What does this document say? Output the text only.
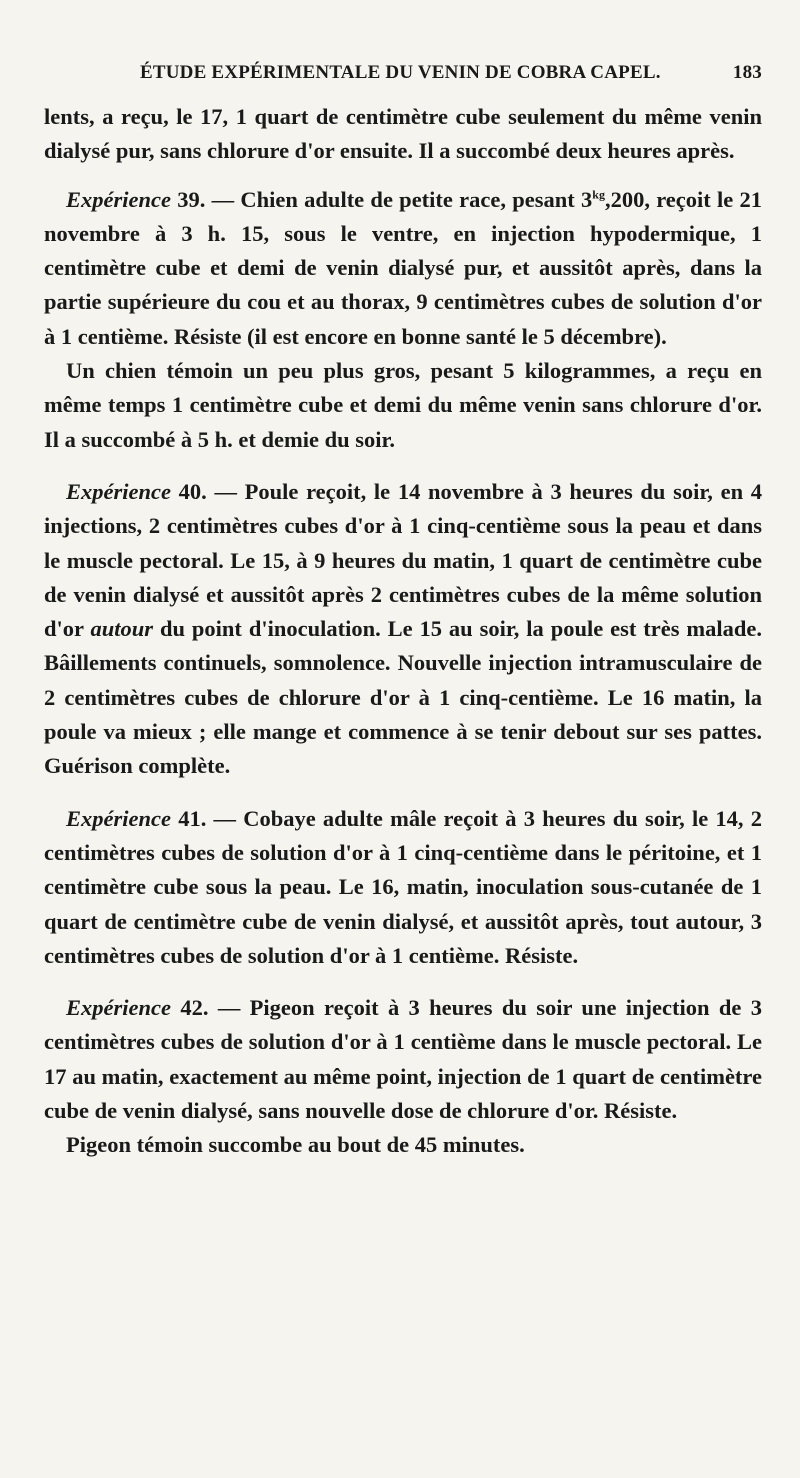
ÉTUDE EXPÉRIMENTALE DU VENIN DE COBRA CAPEL.	183

lents, a reçu, le 17, 1 quart de centimètre cube seulement du même venin dialysé pur, sans chlorure d'or ensuite. Il a succombé deux heures après.

Expérience 39. — Chien adulte de petite race, pesant $3^{kg},200$, reçoit le 21 novembre à 3 h. 15, sous le ventre, en injection hypodermique, 1 centimètre cube et demi de venin dialysé pur, et aussitôt après, dans la partie supérieure du cou et au thorax, 9 centimètres cubes de solution d'or à 1 centième. Résiste (il est encore en bonne santé le 5 décembre).

Un chien témoin un peu plus gros, pesant 5 kilogrammes, a reçu en même temps 1 centimètre cube et demi du même venin sans chlorure d'or. Il a succombé à 5 h. et demie du soir.

Expérience 40. — Poule reçoit, le 14 novembre à 3 heures du soir, en 4 injections, 2 centimètres cubes d'or à 1 cinq-centième sous la peau et dans le muscle pectoral. Le 15, à 9 heures du matin, 1 quart de centimètre cube de venin dialysé et aussitôt après 2 centimètres cubes de la même solution d'or autour du point d'inoculation. Le 15 au soir, la poule est très malade. Bâillements continuels, somnolence. Nouvelle injection intramusculaire de 2 centimètres cubes de chlorure d'or à 1 cinq-centième. Le 16 matin, la poule va mieux ; elle mange et commence à se tenir debout sur ses pattes. Guérison complète.

Expérience 41. — Cobaye adulte mâle reçoit à 3 heures du soir, le 14, 2 centimètres cubes de solution d'or à 1 cinq-centième dans le péritoine, et 1 centimètre cube sous la peau. Le 16, matin, inoculation sous-cutanée de 1 quart de centimètre cube de venin dialysé, et aussitôt après, tout autour, 3 centimètres cubes de solution d'or à 1 centième. Résiste.

Expérience 42. — Pigeon reçoit à 3 heures du soir une injection de 3 centimètres cubes de solution d'or à 1 centième dans le muscle pectoral. Le 17 au matin, exactement au même point, injection de 1 quart de centimètre cube de venin dialysé, sans nouvelle dose de chlorure d'or. Résiste.

Pigeon témoin succombe au bout de 45 minutes.
